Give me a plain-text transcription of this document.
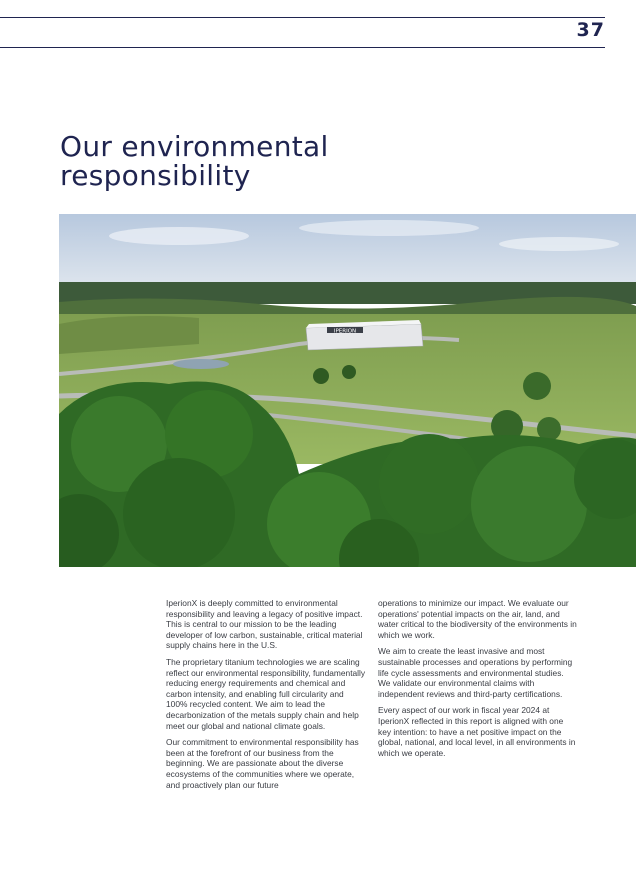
37
Our environmental
responsibility
IPERION

IperionX is deeply committed to environmental responsibility and leaving a legacy of positive impact. This is central to our mission to be the leading developer of low carbon, sustainable, critical material supply chains here in the U.S.

The proprietary titanium technologies we are scaling reflect our environmental responsibility, fundamentally reducing energy requirements and chemical and carbon intensity, and enabling full circularity and 100% recycled content. We aim to lead the decarbonization of the metals supply chain and help meet our global and national climate goals.

Our commitment to environmental responsibility has been at the forefront of our business from the beginning. We are passionate about the diverse ecosystems of the communities where we operate, and proactively plan our future

operations to minimize our impact. We evaluate our operations' potential impacts on the air, land, and water critical to the biodiversity of the environments in which we work.

We aim to create the least invasive and most sustainable processes and operations by performing life cycle assessments and environmental studies. We validate our environmental claims with independent reviews and third-party certifications.

Every aspect of our work in fiscal year 2024 at IperionX reflected in this report is aligned with one key intention: to have a net positive impact on the global, national, and local level, in all environments in which we operate.
